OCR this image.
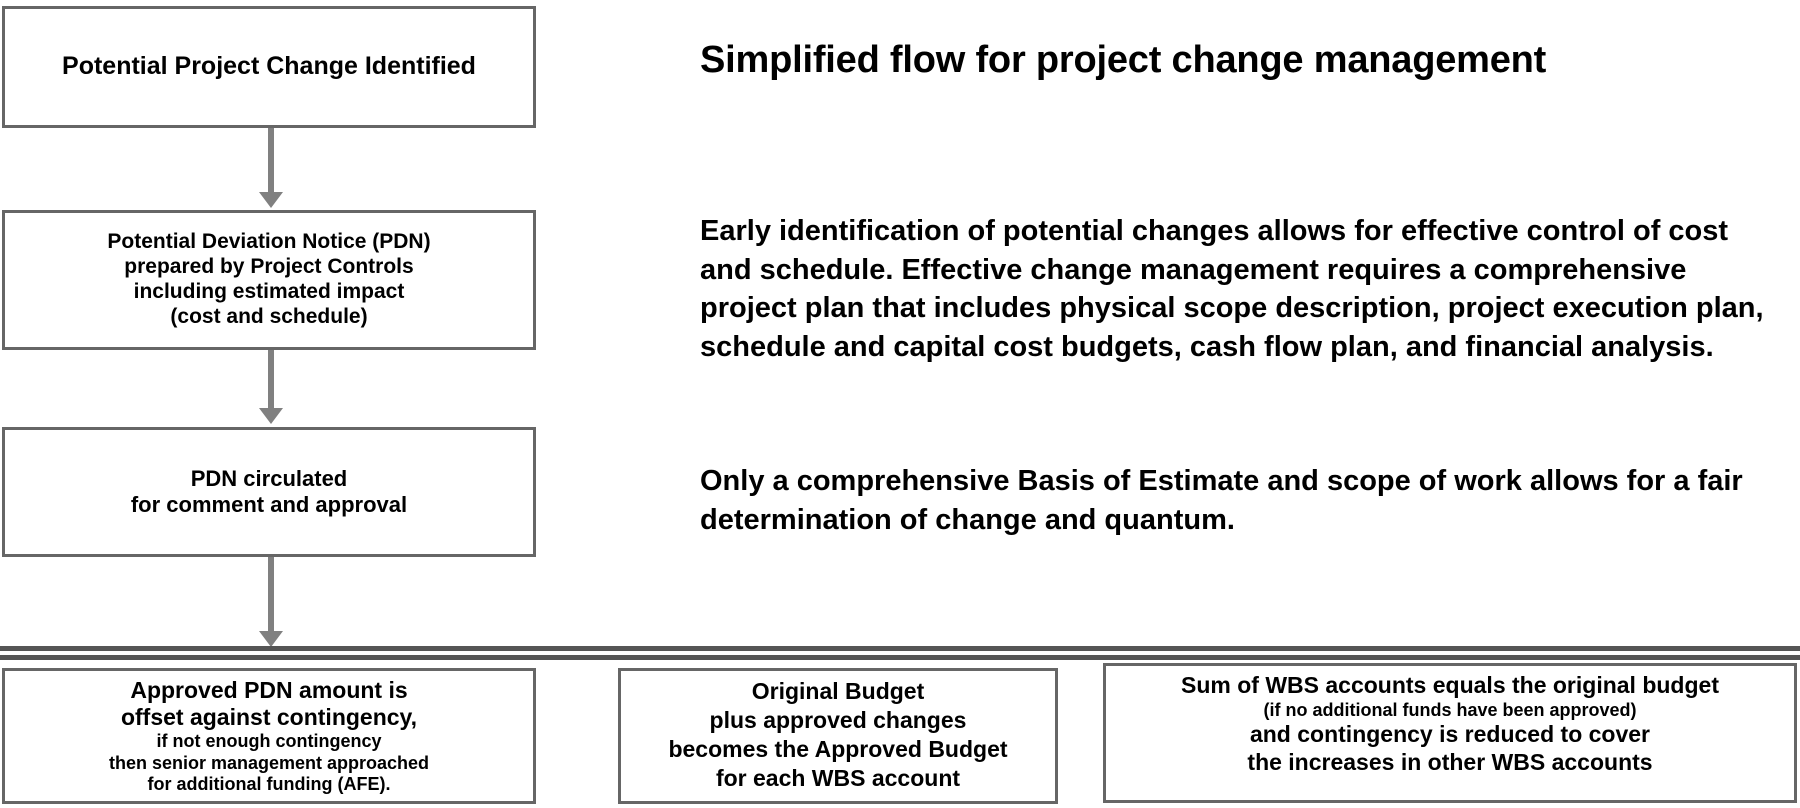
Potential Project Change Identified
Potential Deviation Notice (PDN)
prepared by Project Controls
including estimated impact
(cost and schedule)
PDN circulated
for comment and approval
Simplified flow for project change management
Early identification of potential changes allows for effective control of cost and schedule. Effective change management requires a comprehensive project plan that includes physical scope description, project execution plan, schedule and capital cost budgets, cash flow plan, and financial analysis.
Only a comprehensive Basis of Estimate and scope of work allows for a fair determination of change and quantum.
Approved PDN amount is
offset against contingency,
if not enough contingency
then senior management approached
for additional funding (AFE).
Original Budget
plus approved changes
becomes the Approved Budget
for each WBS account
Sum of WBS accounts equals the original budget
(if no additional funds have been approved)
and contingency is reduced to cover
the increases in other WBS accounts
